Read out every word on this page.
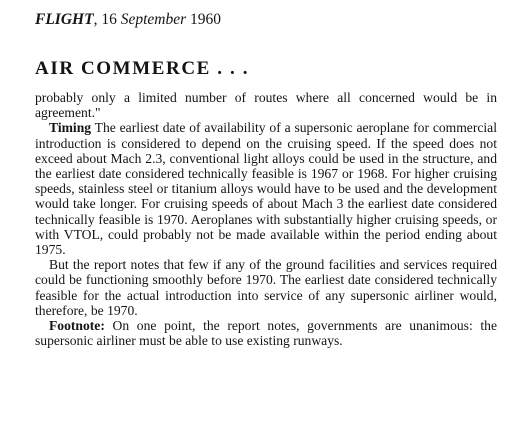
FLIGHT, 16 September 1960
AIR COMMERCE . . .

probably only a limited number of routes where all concerned would be in agreement."

Timing The earliest date of availability of a supersonic aeroplane for commercial introduction is considered to depend on the cruising speed. If the speed does not exceed about Mach 2.3, conventional light alloys could be used in the structure, and the earliest date considered technically feasible is 1967 or 1968. For higher cruising speeds, stainless steel or titanium alloys would have to be used and the development would take longer. For cruising speeds of about Mach 3 the earliest date considered technically feasible is 1970. Aeroplanes with substantially higher cruising speeds, or with VTOL, could probably not be made available within the period ending about 1975.

But the report notes that few if any of the ground facilities and services required could be functioning smoothly before 1970. The earliest date considered technically feasible for the actual introduction into service of any supersonic airliner would, therefore, be 1970.

Footnote: On one point, the report notes, governments are unanimous: the supersonic airliner must be able to use existing runways.
